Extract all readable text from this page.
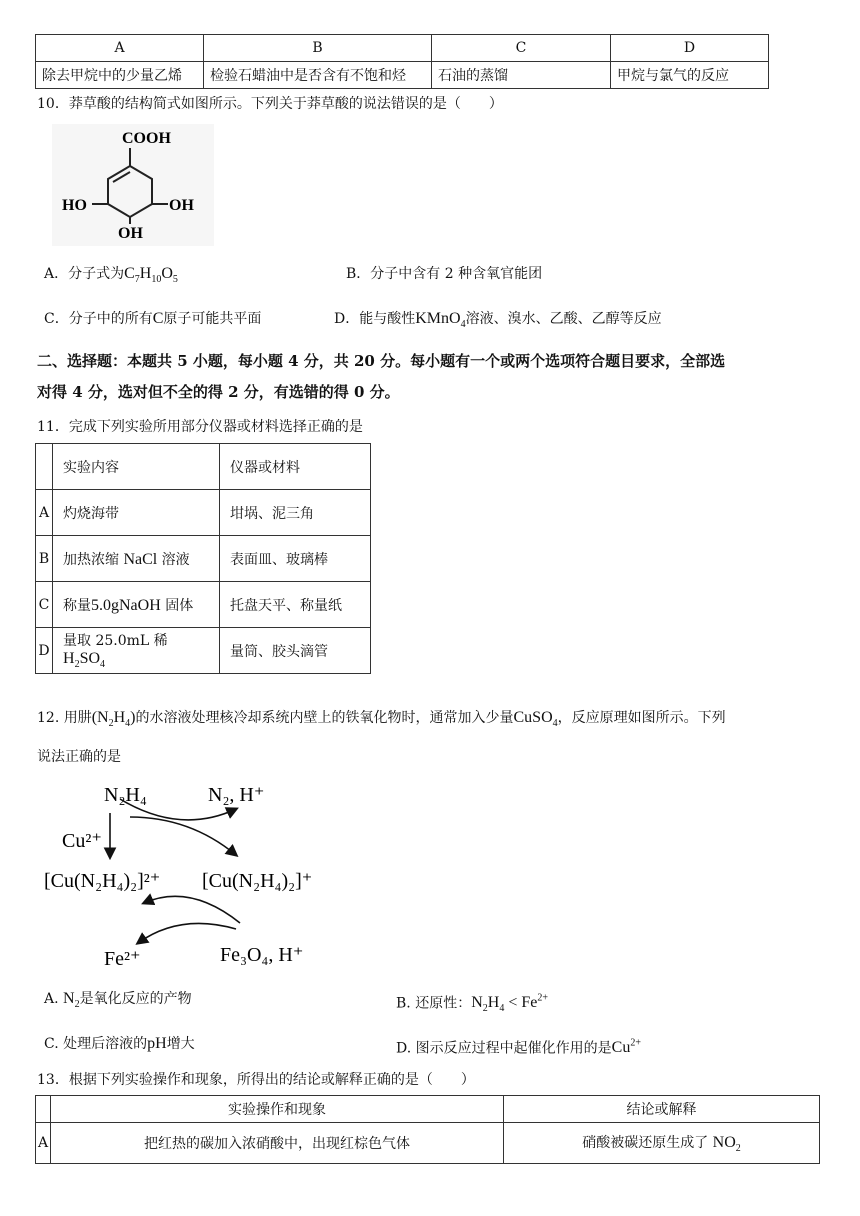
A	B	C	D
除去甲烷中的少量乙烯	检验石蜡油中是否含有不饱和烃	石油的蒸馏	甲烷与氯气的反应
10．莽草酸的结构简式如图所示。下列关于莽草酸的说法错误的是（　　）
COOH
HO	OH
OH
A．分子式为$C_7H_{10}O_5$	B．分子中含有 2 种含氧官能团
C．分子中的所有C原子可能共平面	D．能与酸性KMnO$_4$溶液、溴水、乙酸、乙醇等反应
二、选择题：本题共 5 小题，每小题 4 分，共 20 分。每小题有一个或两个选项符合题目要求，全部选
对得 4 分，选对但不全的得 2 分，有选错的得 0 分。
11．完成下列实验所用部分仪器或材料选择正确的是
	实验内容	仪器或材料
A	灼烧海带	坩埚、泥三角
B	加热浓缩 NaCl 溶液	表面皿、玻璃棒
C	称量5.0gNaOH 固体	托盘天平、称量纸
D	量取 25.0mL 稀 $H_2SO_4$	量筒、胶头滴管
12. 用肼$(N_2H_4)$的水溶液处理核冷却系统内壁上的铁氧化物时，通常加入少量CuSO$_4$，反应原理如图所示。下列
说法正确的是
N₂H₄	N₂, H⁺
Cu²⁺
[Cu(N₂H₄)₂]²⁺ [Cu(N₂H₄)₂]⁺
Fe²⁺	Fe₃O₄, H⁺
A. $N_2$是氧化反应的产物	B. 还原性：$N_2H_4 < Fe^{2+}$
C. 处理后溶液的pH增大	D. 图示反应过程中起催化作用的是$Cu^{2+}$
13．根据下列实验操作和现象，所得出的结论或解释正确的是（　　）
	实验操作和现象	结论或解释
A	把红热的碳加入浓硝酸中，出现红棕色气体	硝酸被碳还原生成了 $NO_2$
